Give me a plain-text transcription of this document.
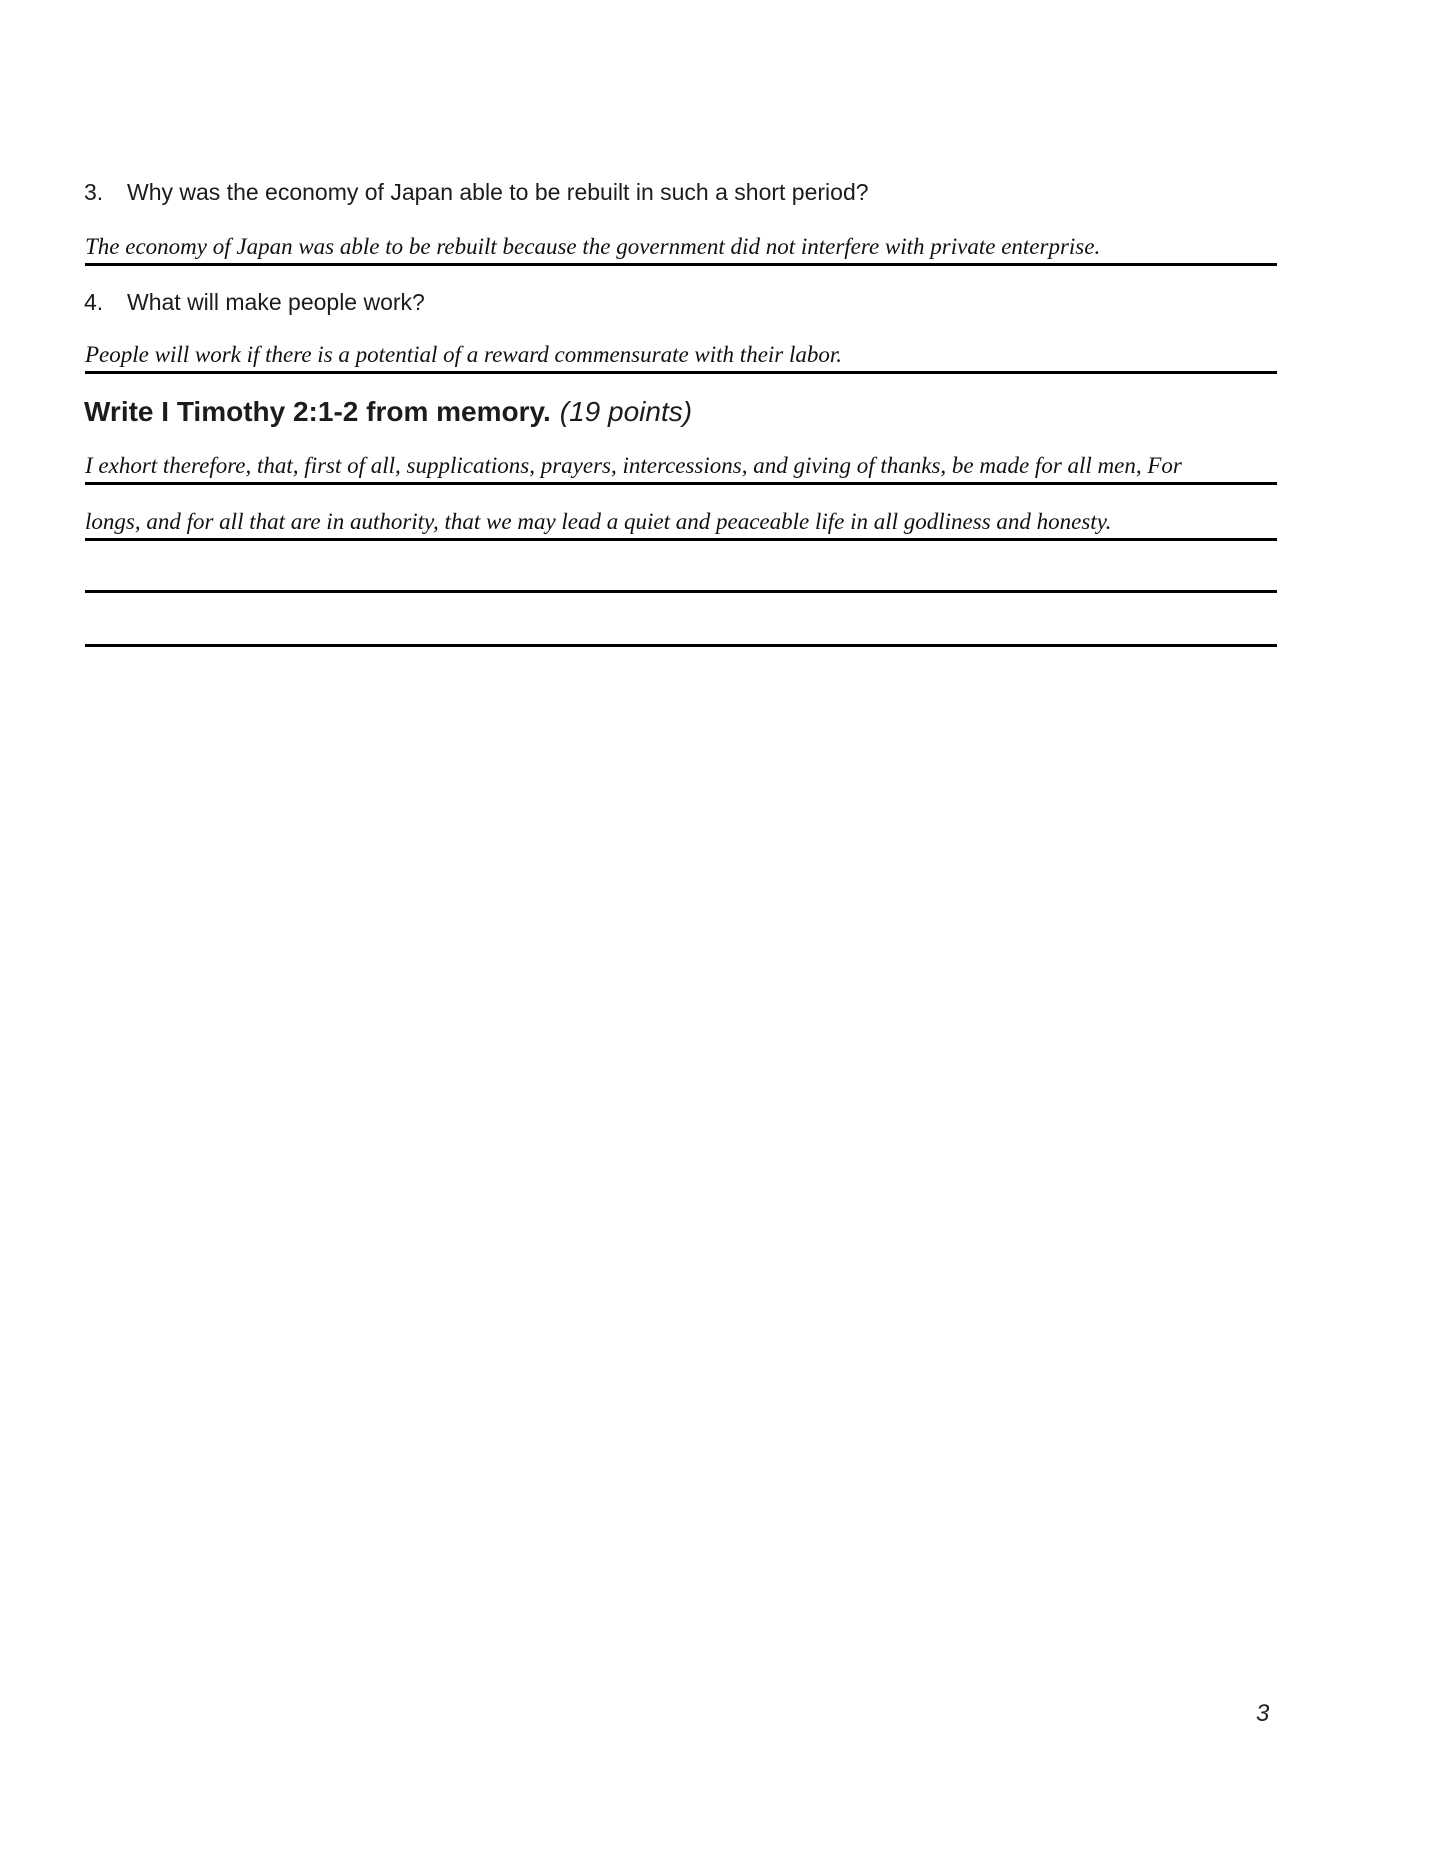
3. Why was the economy of Japan able to be rebuilt in such a short period?
The economy of Japan was able to be rebuilt because the government did not interfere with private enterprise.
4. What will make people work?
People will work if there is a potential of a reward commensurate with their labor.
Write I Timothy 2:1-2 from memory. (19 points)
I exhort therefore, that, first of all, supplications, prayers, intercessions, and giving of thanks, be made for all men, For
longs, and for all that are in authority, that we may lead a quiet and peaceable life in all godliness and honesty.
3
